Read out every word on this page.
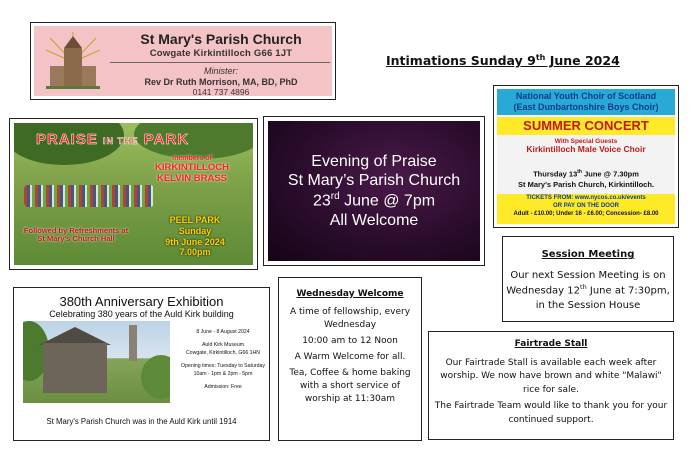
St Mary's Parish Church
Cowgate Kirkintilloch G66 1JT
Minister:
Rev Dr Ruth Morrison, MA, BD, PhD
0141 737 4896
Intimations Sunday 9th June 2024
PRAISE IN THE PARK
members of
KIRKINTILLOCH
KELVIN BRASS
PEEL PARK
Sunday
9th June 2024
7.00pm
Followed by Refreshments at St Mary's Church Hall
Evening of Praise
St Mary’s Parish Church
23rd June @ 7pm
All Welcome
National Youth Choir of Scotland
(East Dunbartonshire Boys Choir)
SUMMER CONCERT
With Special Guests
Kirkintilloch Male Voice Choir
Thursday 13th June @ 7.30pm
St Mary's Parish Church, Kirkintilloch.
TICKETS FROM: www.nycos.co.uk/events
OR PAY ON THE DOOR
Adult - £10.00; Under 16 - £6.00; Concession- £8.00
Session Meeting
Our next Session Meeting is on
Wednesday 12th June at 7:30pm,
in the Session House
380th Anniversary Exhibition
Celebrating 380 years of the Auld Kirk building

8 June - 8 August 2024

Auld Kirk Museum
Cowgate, Kirkintilloch, G66 1HN

Opening times: Tuesday to Saturday 10am - 1pm & 2pm - 5pm

Admission: Free

St Mary's Parish Church was in the Auld Kirk until 1914
Wednesday Welcome

A time of fellowship, every Wednesday

10:00 am to 12 Noon

A Warm Welcome for all.

Tea, Coffee & home baking with a short service of worship at 11:30am

Fairtrade Stall

Our Fairtrade Stall is available each week after worship. We now have brown and white "Malawi" rice for sale.

The Fairtrade Team would like to thank you for your continued support.
